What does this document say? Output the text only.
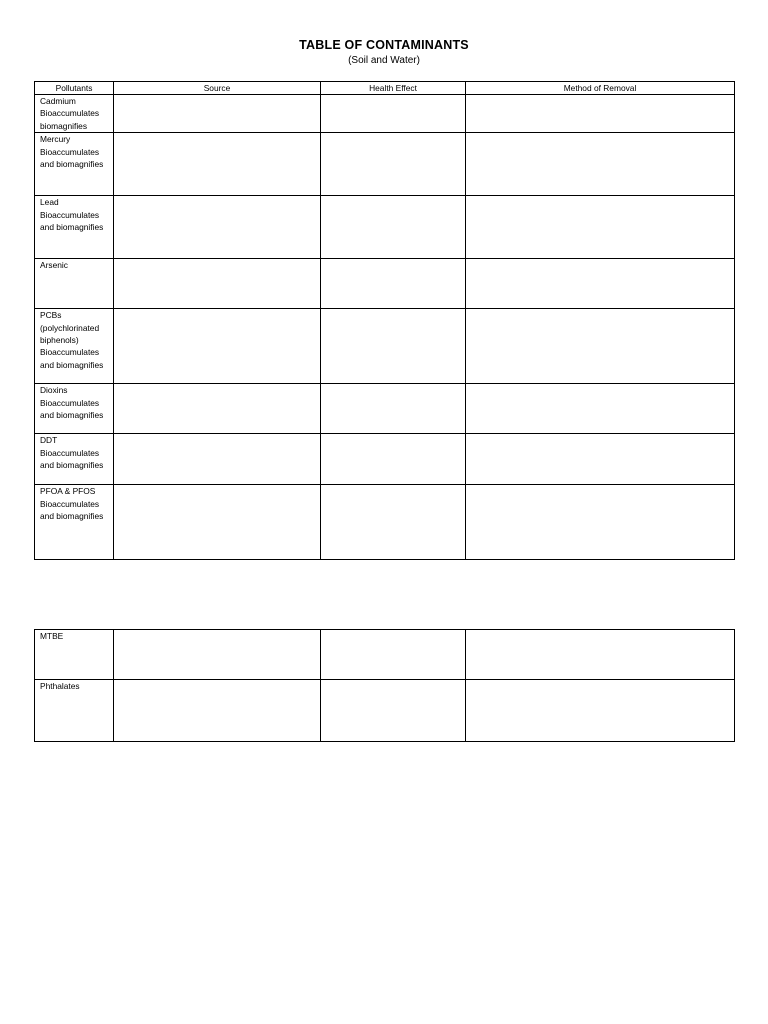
TABLE OF CONTAMINANTS
(Soil and Water)
Pollutants	Source	Health Effect	Method of Removal

Cadmium
Bioaccumulates biomagnifies			

Mercury
Bioaccumulates and biomagnifies			

Lead
Bioaccumulates and biomagnifies			

Arsenic			

PCBs
(polychlorinated biphenols) Bioaccumulates and biomagnifies			

Dioxins
Bioaccumulates and biomagnifies			

DDT
Bioaccumulates and biomagnifies			

PFOA & PFOS
Bioaccumulates and biomagnifies			

MTBE			

Phthalates			
